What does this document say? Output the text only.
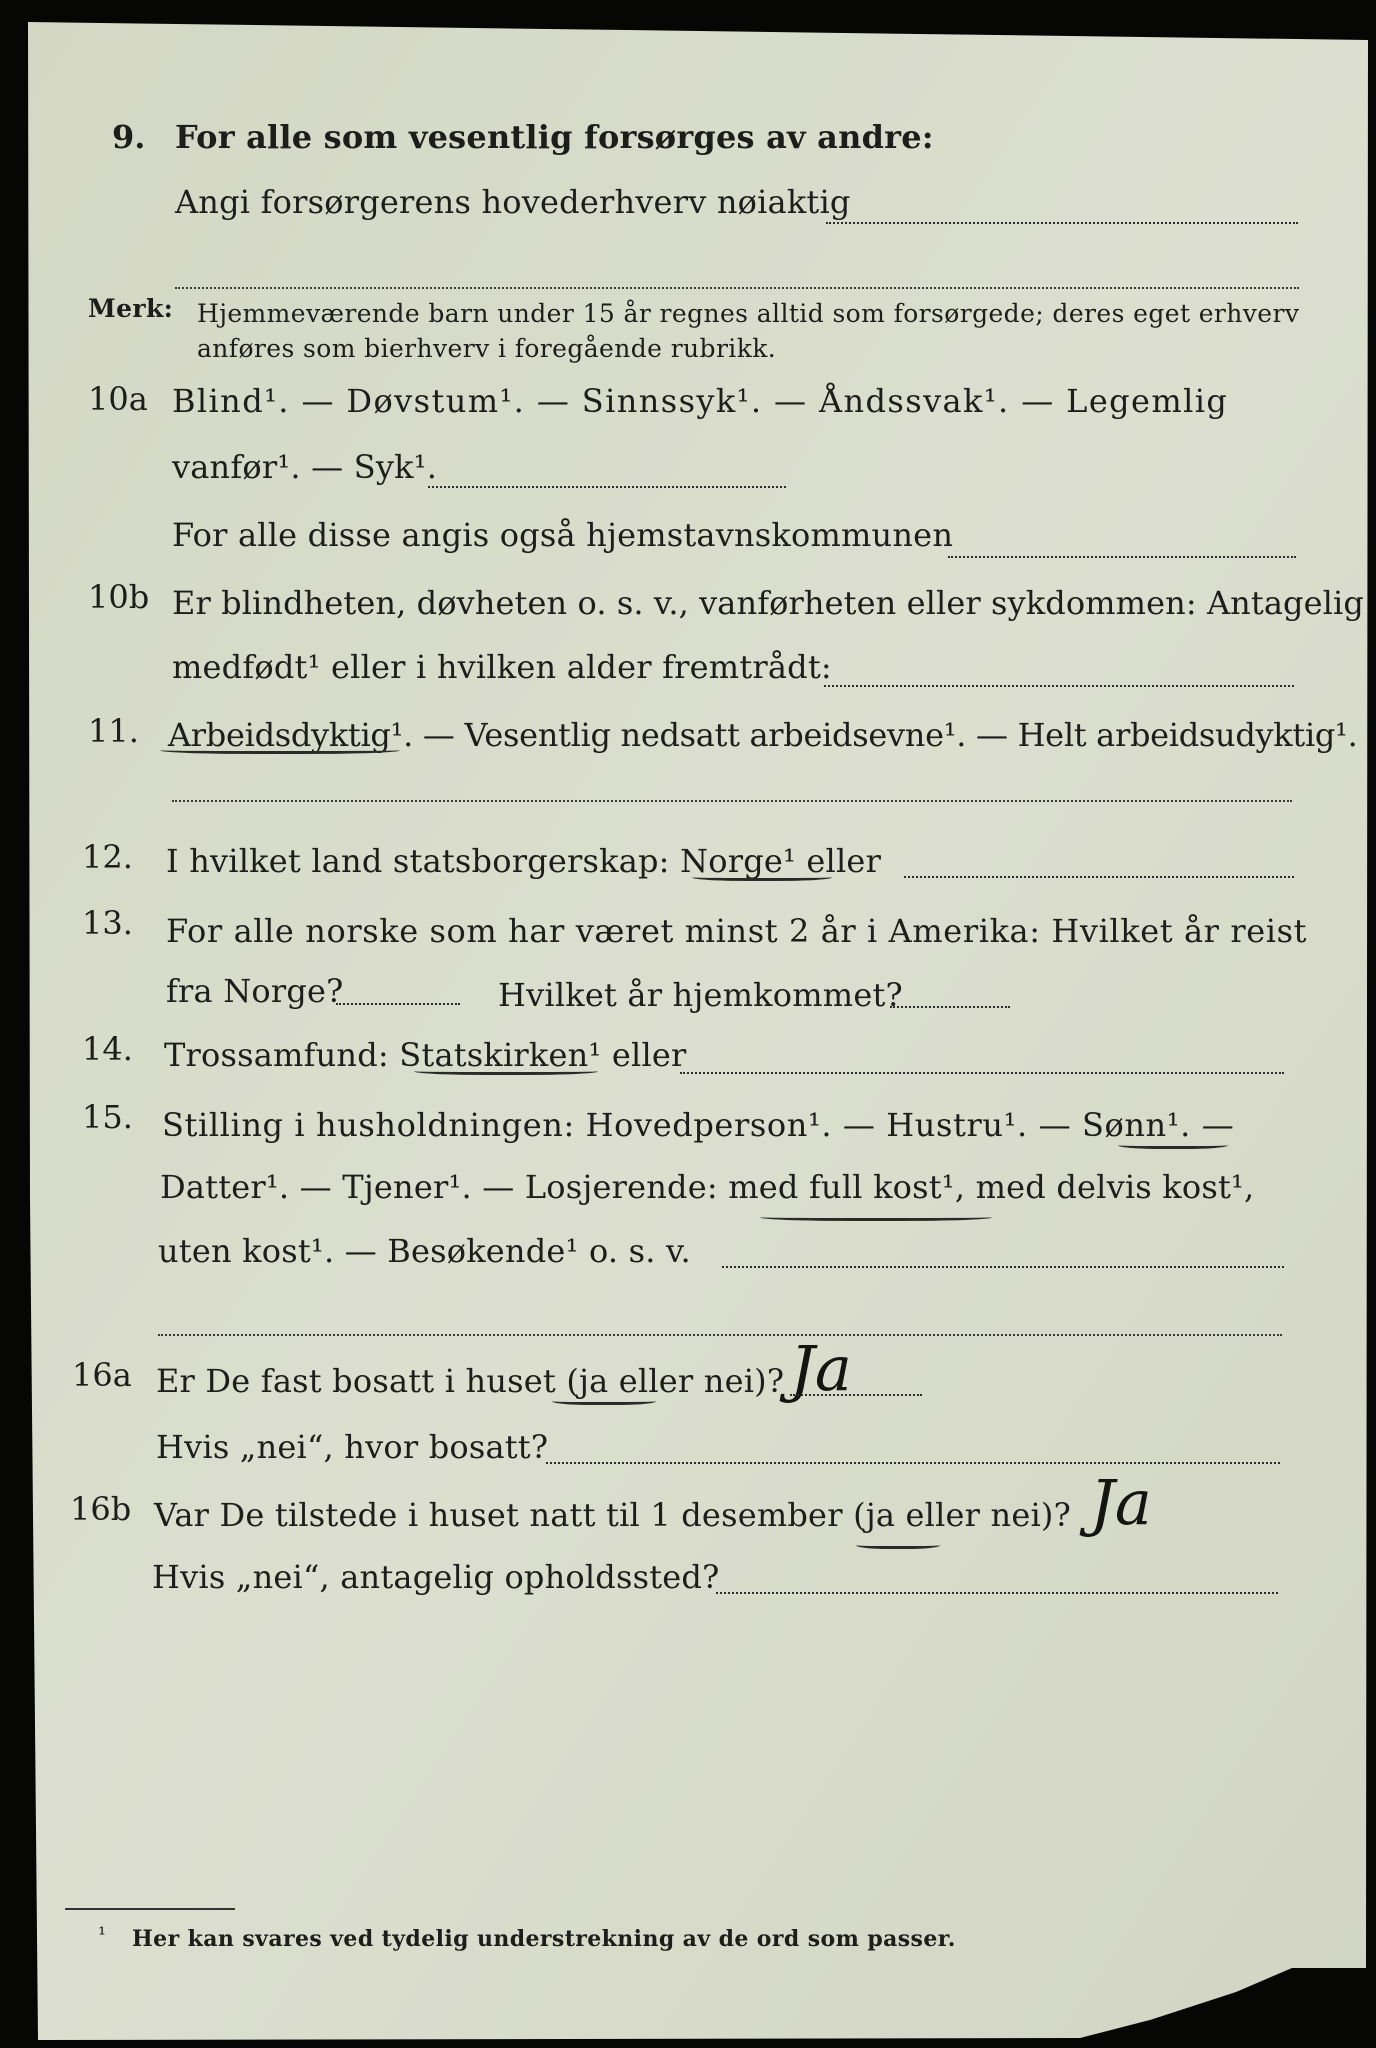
9. For alle som vesentlig forsørges av andre:
Angi forsørgerens hovederhverv nøiaktig
Merk: Hjemmeværende barn under 15 år regnes alltid som forsørgede; deres eget erhverv
anføres som bierhverv i foregående rubrikk.
10a Blind¹. — Døvstum¹. — Sinnssyk¹. — Åndssvak¹. — Legemlig
vanfør¹. — Syk¹.
For alle disse angis også hjemstavnskommunen
10b Er blindheten, døvheten o. s. v., vanførheten eller sykdommen: Antagelig
medfødt¹ eller i hvilken alder fremtrådt:
11. Arbeidsdyktig¹. — Vesentlig nedsatt arbeidsevne¹. — Helt arbeidsudyktig¹.
12. I hvilket land statsborgerskap: Norge¹ eller
13. For alle norske som har været minst 2 år i Amerika: Hvilket år reist
fra Norge?	Hvilket år hjemkommet?
14. Trossamfund: Statskirken¹ eller
15. Stilling i husholdningen: Hovedperson¹. — Hustru¹. — Sønn¹. —
Datter¹. — Tjener¹. — Losjerende: med full kost¹, med delvis kost¹,
uten kost¹. — Besøkende¹ o. s. v.
16a Er De fast bosatt i huset (ja eller nei)? Ja
Hvis „nei“, hvor bosatt?
16b Var De tilstede i huset natt til 1 desember (ja eller nei)? Ja
Hvis „nei“, antagelig opholdssted?
¹ Her kan svares ved tydelig understrekning av de ord som passer.
